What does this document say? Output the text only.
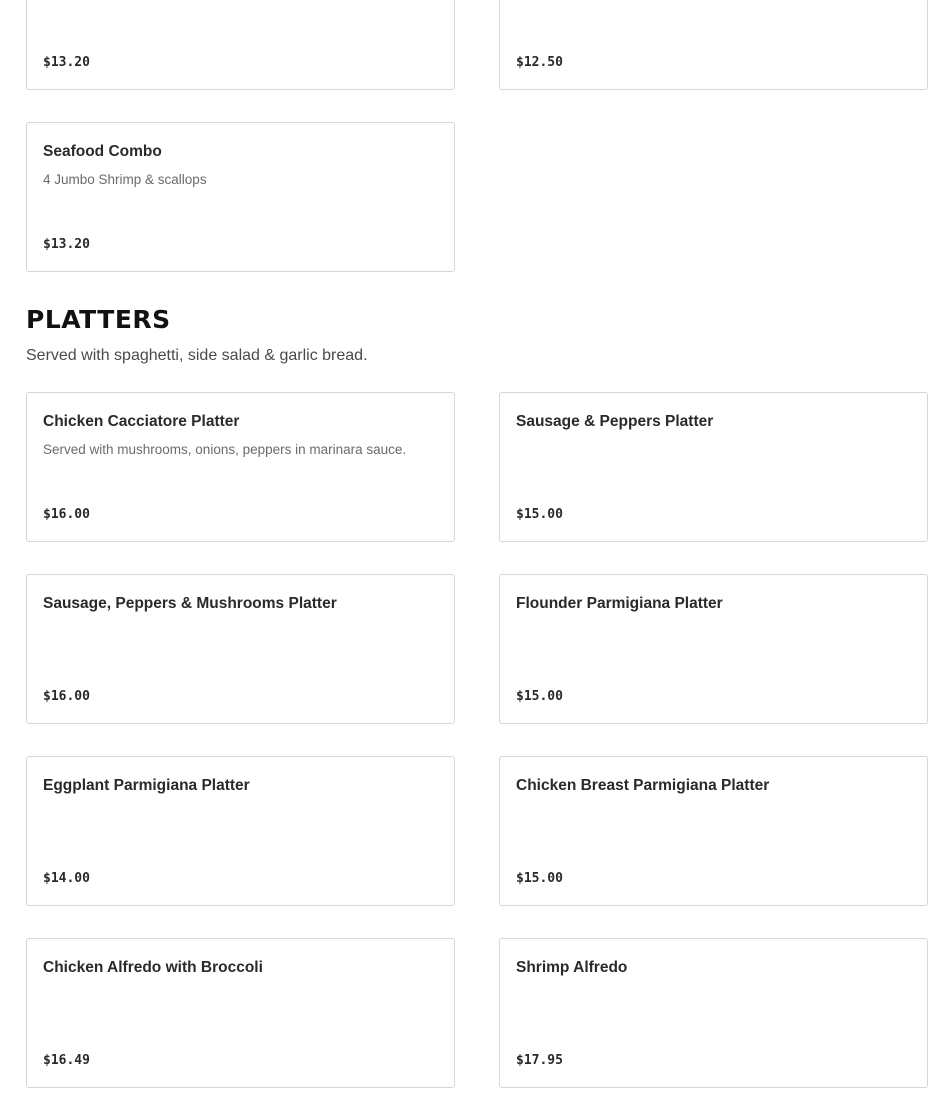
$13.20	$12.50
Seafood Combo
4 Jumbo Shrimp & scallops
$13.20
PLATTERS

Served with spaghetti, side salad & garlic bread.

Chicken Cacciatore Platter
Served with mushrooms, onions, peppers in marinara sauce.
$16.00
Sausage & Peppers Platter
$15.00
Sausage, Peppers & Mushrooms Platter
$16.00
Flounder Parmigiana Platter
$15.00
Eggplant Parmigiana Platter
$14.00
Chicken Breast Parmigiana Platter
$15.00
Chicken Alfredo with Broccoli
$16.49
Shrimp Alfredo
$17.95
